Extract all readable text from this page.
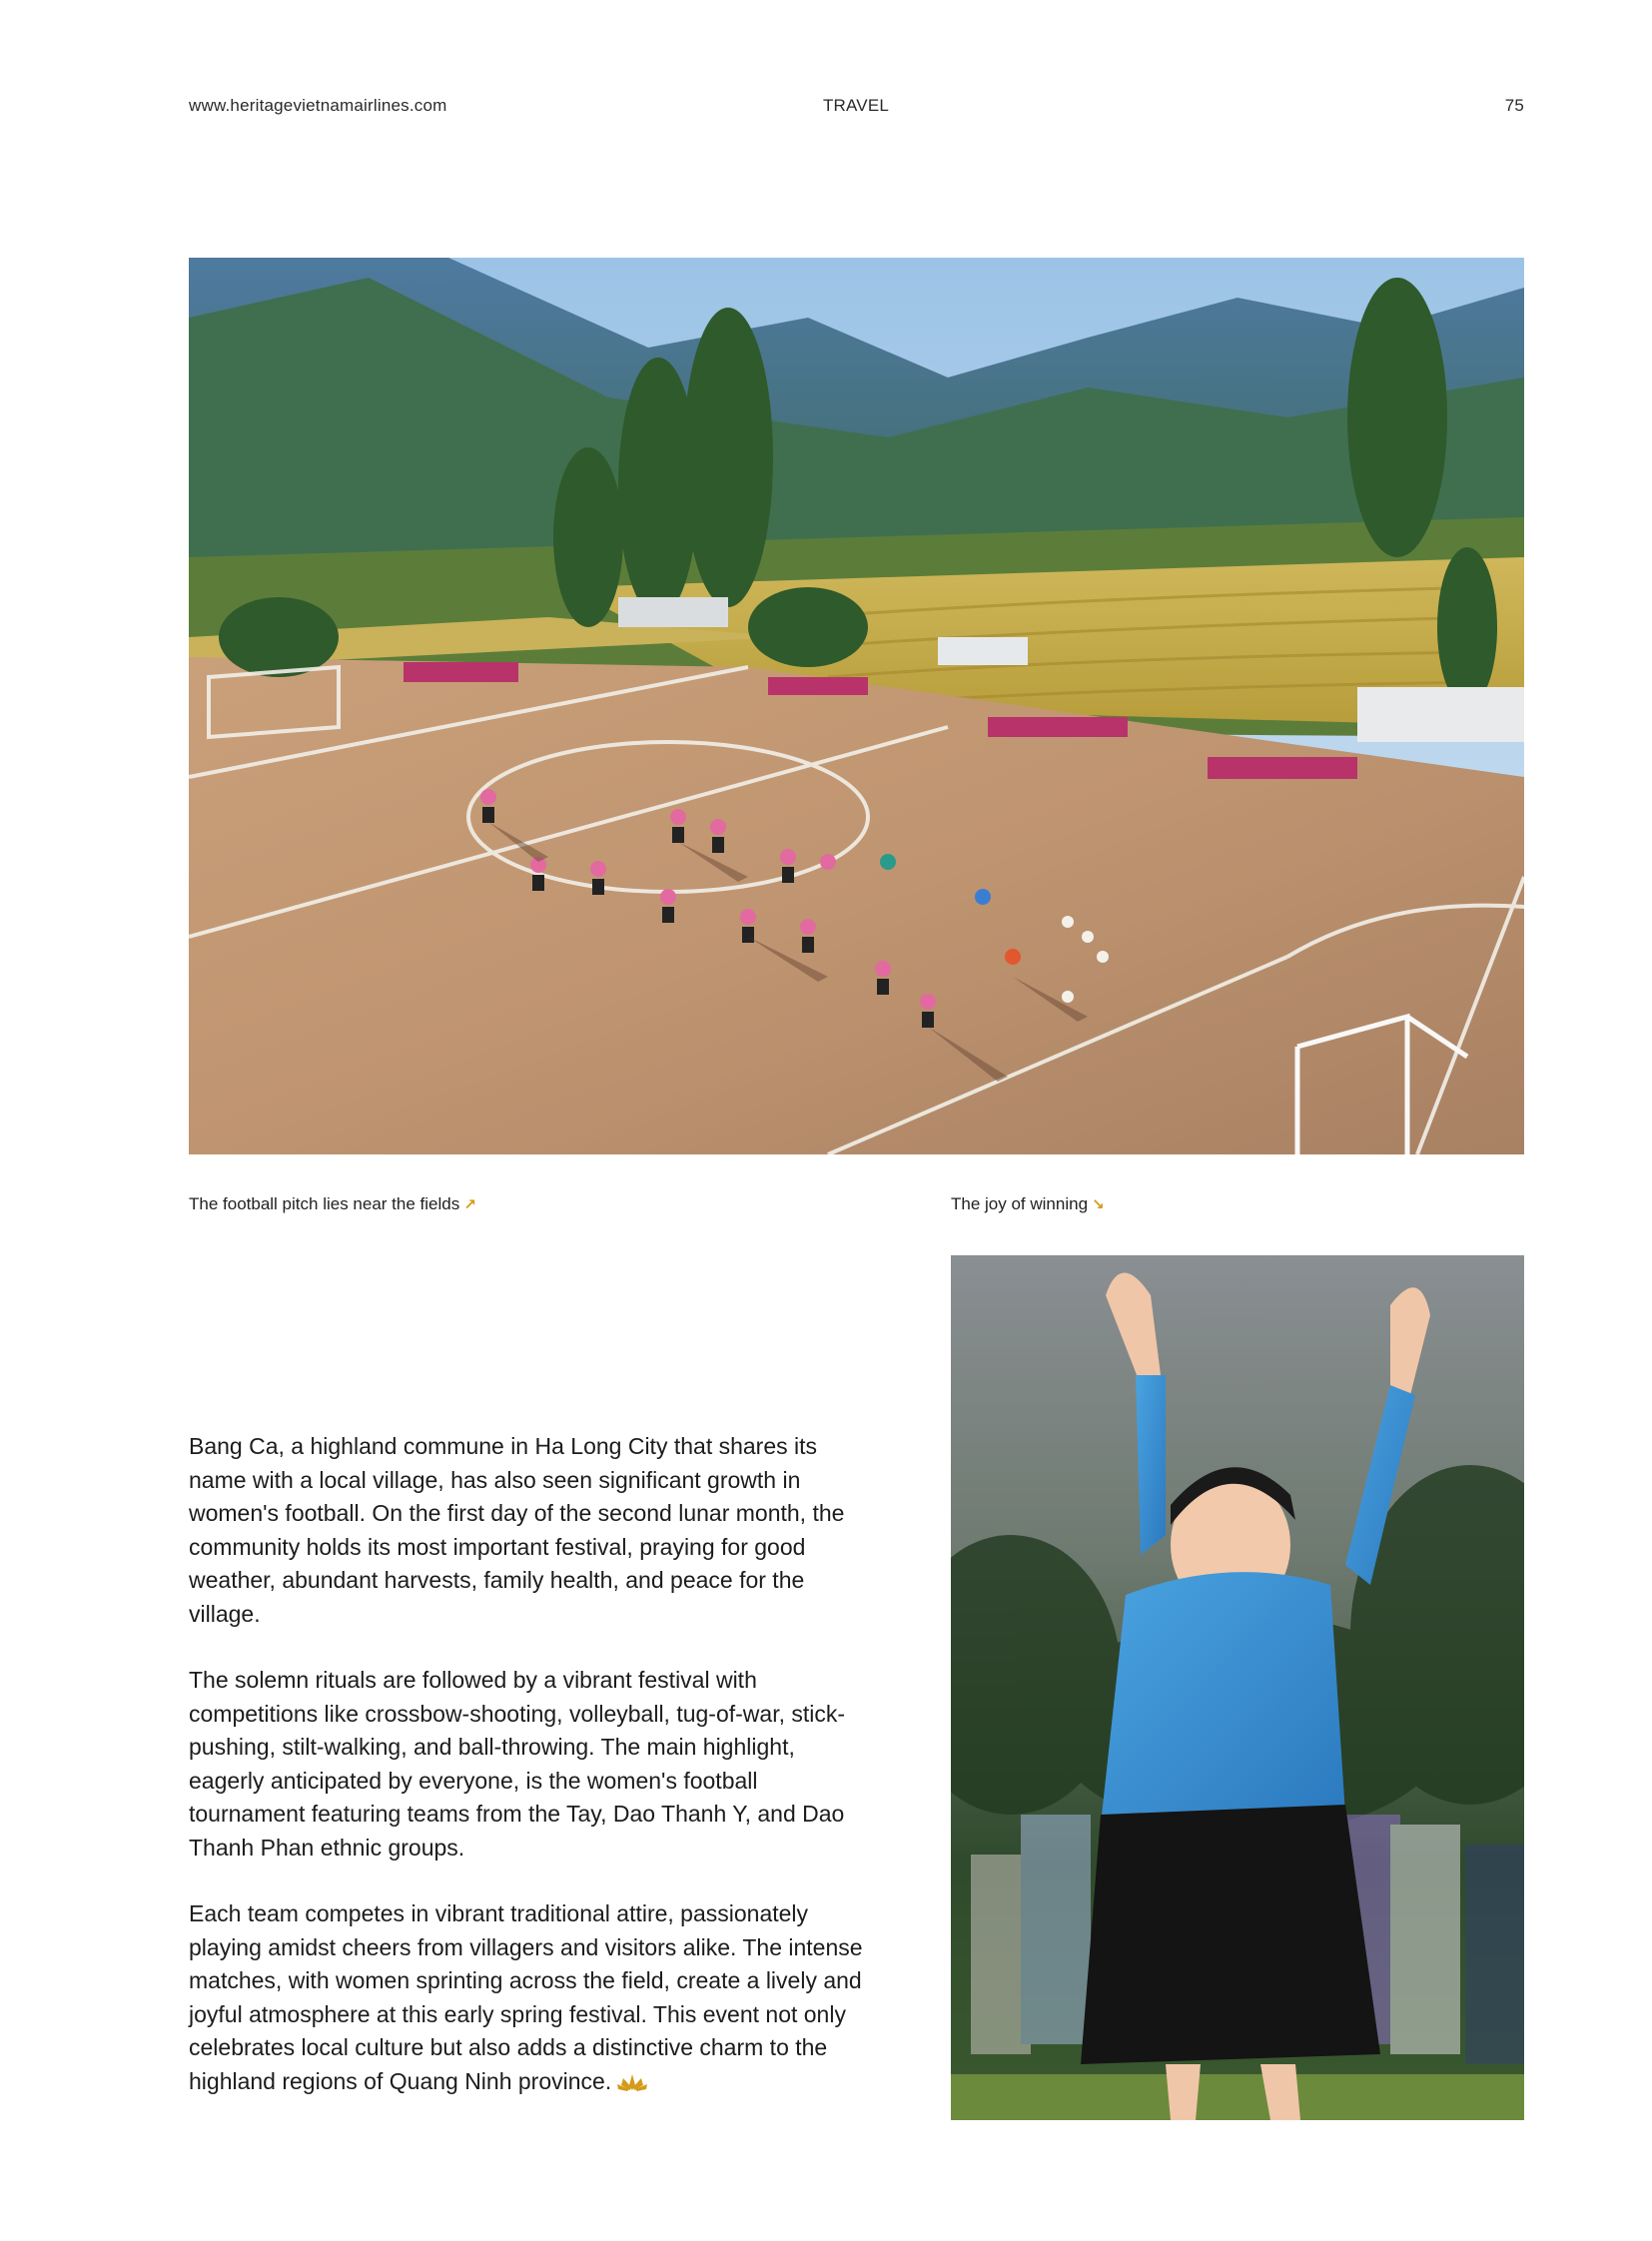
www.heritagevietnamairlines.com	TRAVEL	75
The football pitch lies near the fields ↗	The joy of winning ↘

Bang Ca, a highland commune in Ha Long City that shares its name with a local village, has also seen significant growth in women's football. On the first day of the second lunar month, the community holds its most important festival, praying for good weather, abundant harvests, family health, and peace for the village.

The solemn rituals are followed by a vibrant festival with competitions like crossbow-shooting, volleyball, tug-of-war, stick-pushing, stilt-walking, and ball-throwing. The main highlight, eagerly anticipated by everyone, is the women's football tournament featuring teams from the Tay, Dao Thanh Y, and Dao Thanh Phan ethnic groups.

Each team competes in vibrant traditional attire, passionately playing amidst cheers from villagers and visitors alike. The intense matches, with women sprinting across the field, create a lively and joyful atmosphere at this early spring festival. This event not only celebrates local culture but also adds a distinctive charm to the highland regions of Quang Ninh province.
